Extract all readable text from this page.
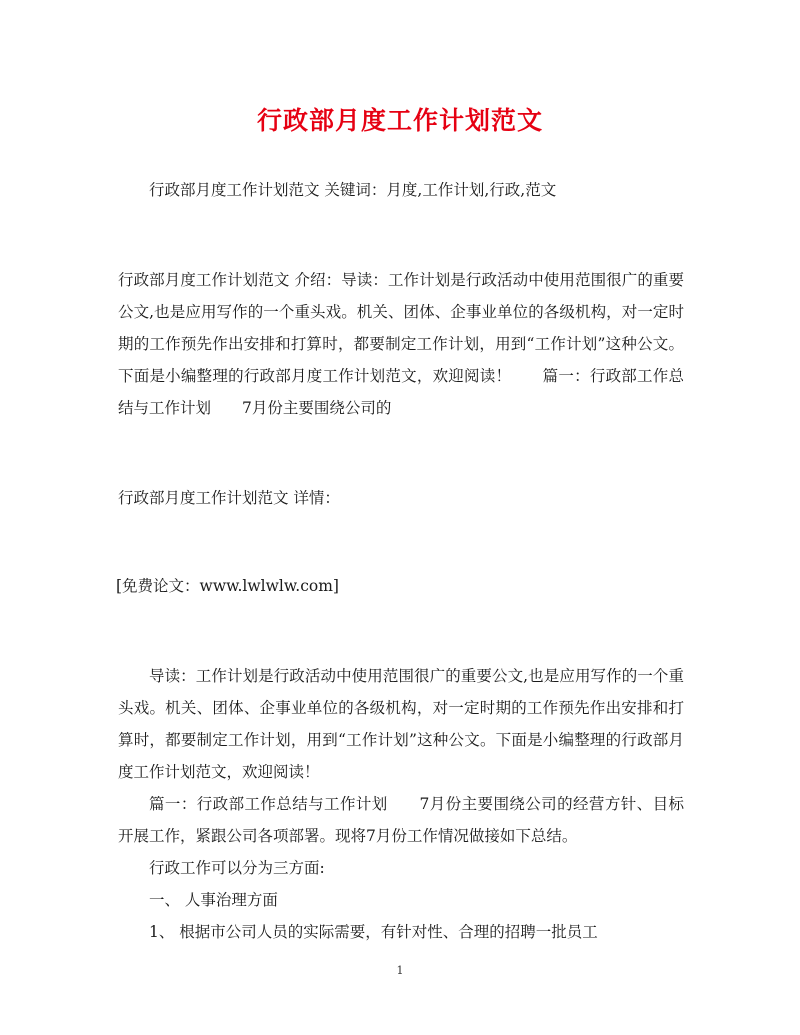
行政部月度工作计划范文

行政部月度工作计划范文 关键词：月度,工作计划,行政,范文

行政部月度工作计划范文 介绍：导读：工作计划是行政活动中使用范围很广的重要公文,也是应用写作的一个重头戏。机关、团体、企事业单位的各级机构，对一定时期的工作预先作出安排和打算时，都要制定工作计划，用到“工作计划”这种公文。下面是小编整理的行政部月度工作计划范文，欢迎阅读！　　篇一：行政部工作总结与工作计划　　7月份主要围绕公司的

行政部月度工作计划范文 详情：

[免费论文：www.lwlwlw.com]

导读：工作计划是行政活动中使用范围很广的重要公文,也是应用写作的一个重头戏。机关、团体、企事业单位的各级机构，对一定时期的工作预先作出安排和打算时，都要制定工作计划，用到“工作计划”这种公文。下面是小编整理的行政部月度工作计划范文，欢迎阅读！

篇一：行政部工作总结与工作计划　　7月份主要围绕公司的经营方针、目标开展工作，紧跟公司各项部署。现将7月份工作情况做接如下总结。

行政工作可以分为三方面:

一、 人事治理方面

1、 根据市公司人员的实际需要，有针对性、合理的招聘一批员工

1
